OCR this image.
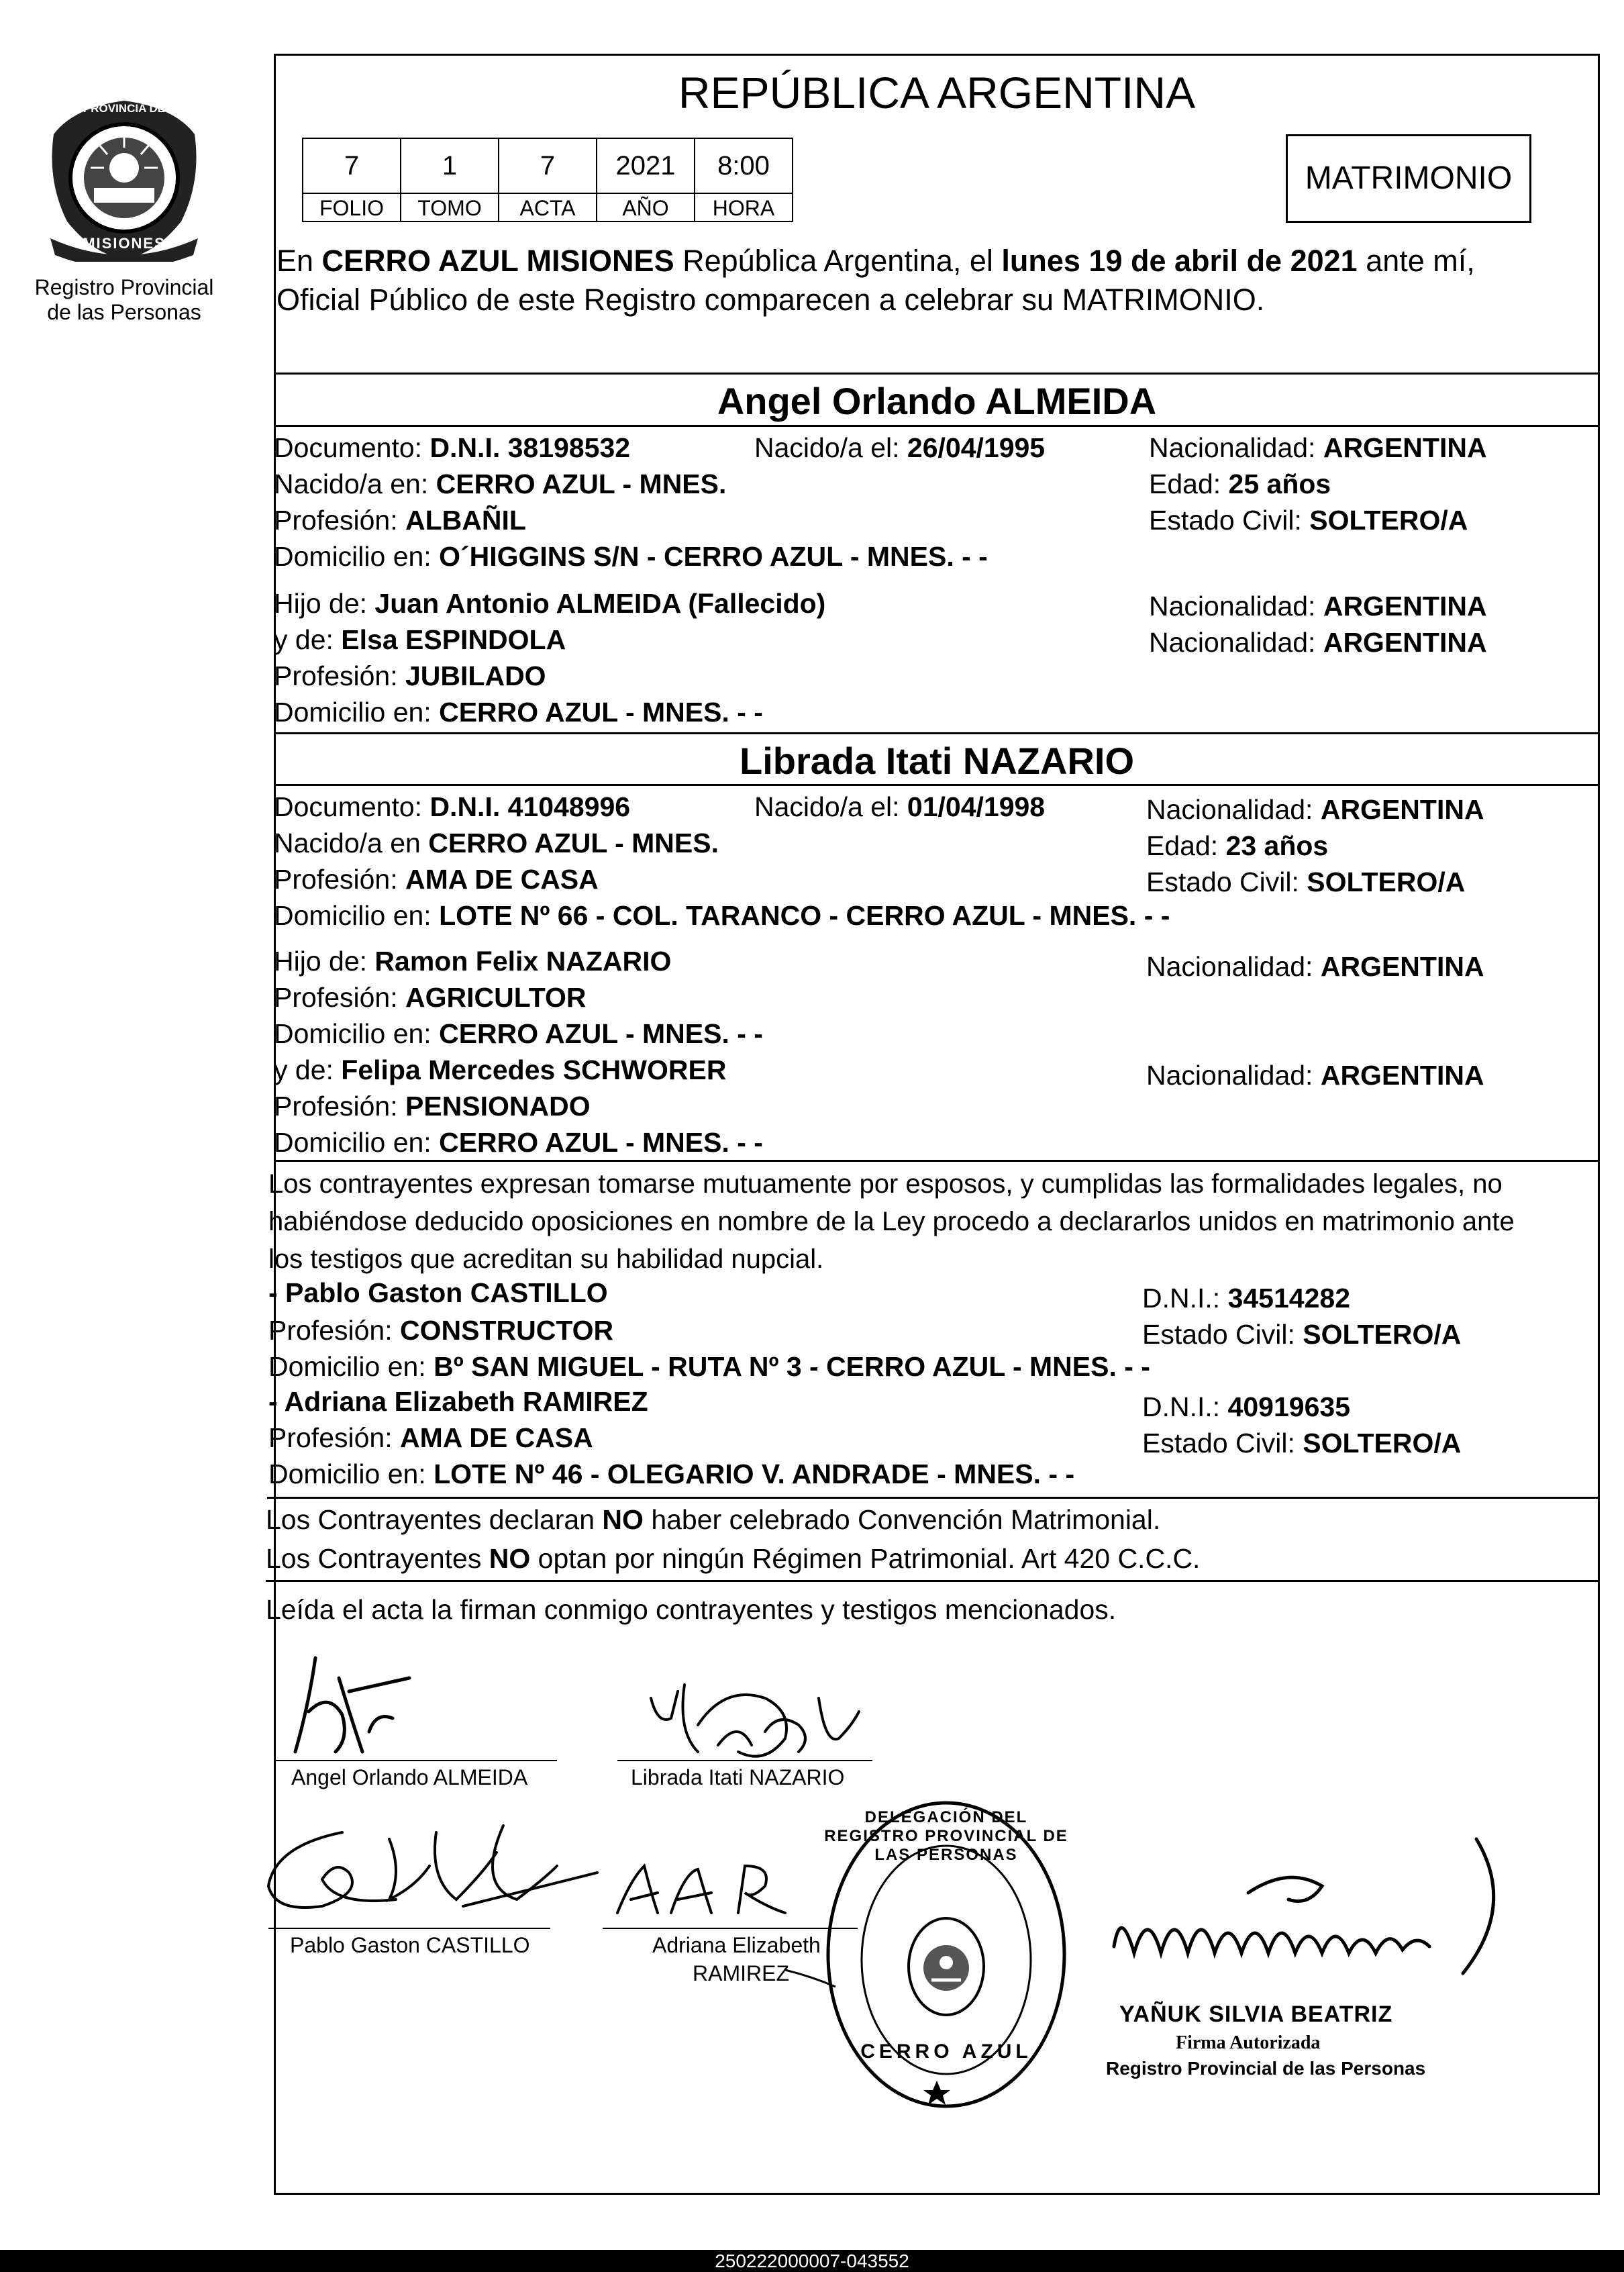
MISIONES
PROVINCIA DE
Registro Provincial
de las Personas
REPÚBLICA ARGENTINA
7	1	7	2021	8:00
FOLIO	TOMO	ACTA	AÑO	HORA
MATRIMONIO
En CERRO AZUL MISIONES República Argentina, el lunes 19 de abril de 2021 ante mí,
Oficial Público de este Registro comparecen a celebrar su MATRIMONIO.
Angel Orlando ALMEIDA
Documento: D.N.I. 38198532	Nacido/a el: 26/04/1995	Nacionalidad: ARGENTINA
Nacido/a en: CERRO AZUL - MNES.	Edad: 25 años
Profesión: ALBAÑIL	Estado Civil: SOLTERO/A
Domicilio en: O´HIGGINS S/N - CERRO AZUL - MNES. - -
Hijo de: Juan Antonio ALMEIDA (Fallecido)	Nacionalidad: ARGENTINA
y de: Elsa ESPINDOLA	Nacionalidad: ARGENTINA
Profesión: JUBILADO
Domicilio en: CERRO AZUL - MNES. - -
Librada Itati NAZARIO
Documento: D.N.I. 41048996	Nacido/a el: 01/04/1998	Nacionalidad: ARGENTINA
Nacido/a en CERRO AZUL - MNES.	Edad: 23 años
Profesión: AMA DE CASA	Estado Civil: SOLTERO/A
Domicilio en: LOTE Nº 66 - COL. TARANCO - CERRO AZUL - MNES. - -
Hijo de: Ramon Felix NAZARIO	Nacionalidad: ARGENTINA
Profesión: AGRICULTOR
Domicilio en: CERRO AZUL - MNES. - -
y de: Felipa Mercedes SCHWORER	Nacionalidad: ARGENTINA
Profesión: PENSIONADO
Domicilio en: CERRO AZUL - MNES. - -
Los contrayentes expresan tomarse mutuamente por esposos, y cumplidas las formalidades legales, no
habiéndose deducido oposiciones en nombre de la Ley procedo a declararlos unidos en matrimonio ante
los testigos que acreditan su habilidad nupcial.
- Pablo Gaston CASTILLO	D.N.I.: 34514282
Profesión: CONSTRUCTOR	Estado Civil: SOLTERO/A
Domicilio en: Bº SAN MIGUEL - RUTA Nº 3 - CERRO AZUL - MNES. - -
- Adriana Elizabeth RAMIREZ	D.N.I.: 40919635
Profesión: AMA DE CASA	Estado Civil: SOLTERO/A
Domicilio en: LOTE Nº 46 - OLEGARIO V. ANDRADE - MNES. - -
Los Contrayentes declaran NO haber celebrado Convención Matrimonial.
Los Contrayentes NO optan por ningún Régimen Patrimonial. Art 420 C.C.C.
Leída el acta la firman conmigo contrayentes y testigos mencionados.
Angel Orlando ALMEIDA	Librada Itati NAZARIO
Pablo Gaston CASTILLO	Adriana Elizabeth
RAMIREZ
DELEGACIÓN DEL REGISTRO PROVINCIAL DE LAS PERSONAS
CERRO AZUL
YAÑUK SILVIA BEATRIZ
Firma Autorizada
Registro Provincial de las Personas
250222000007-043552
